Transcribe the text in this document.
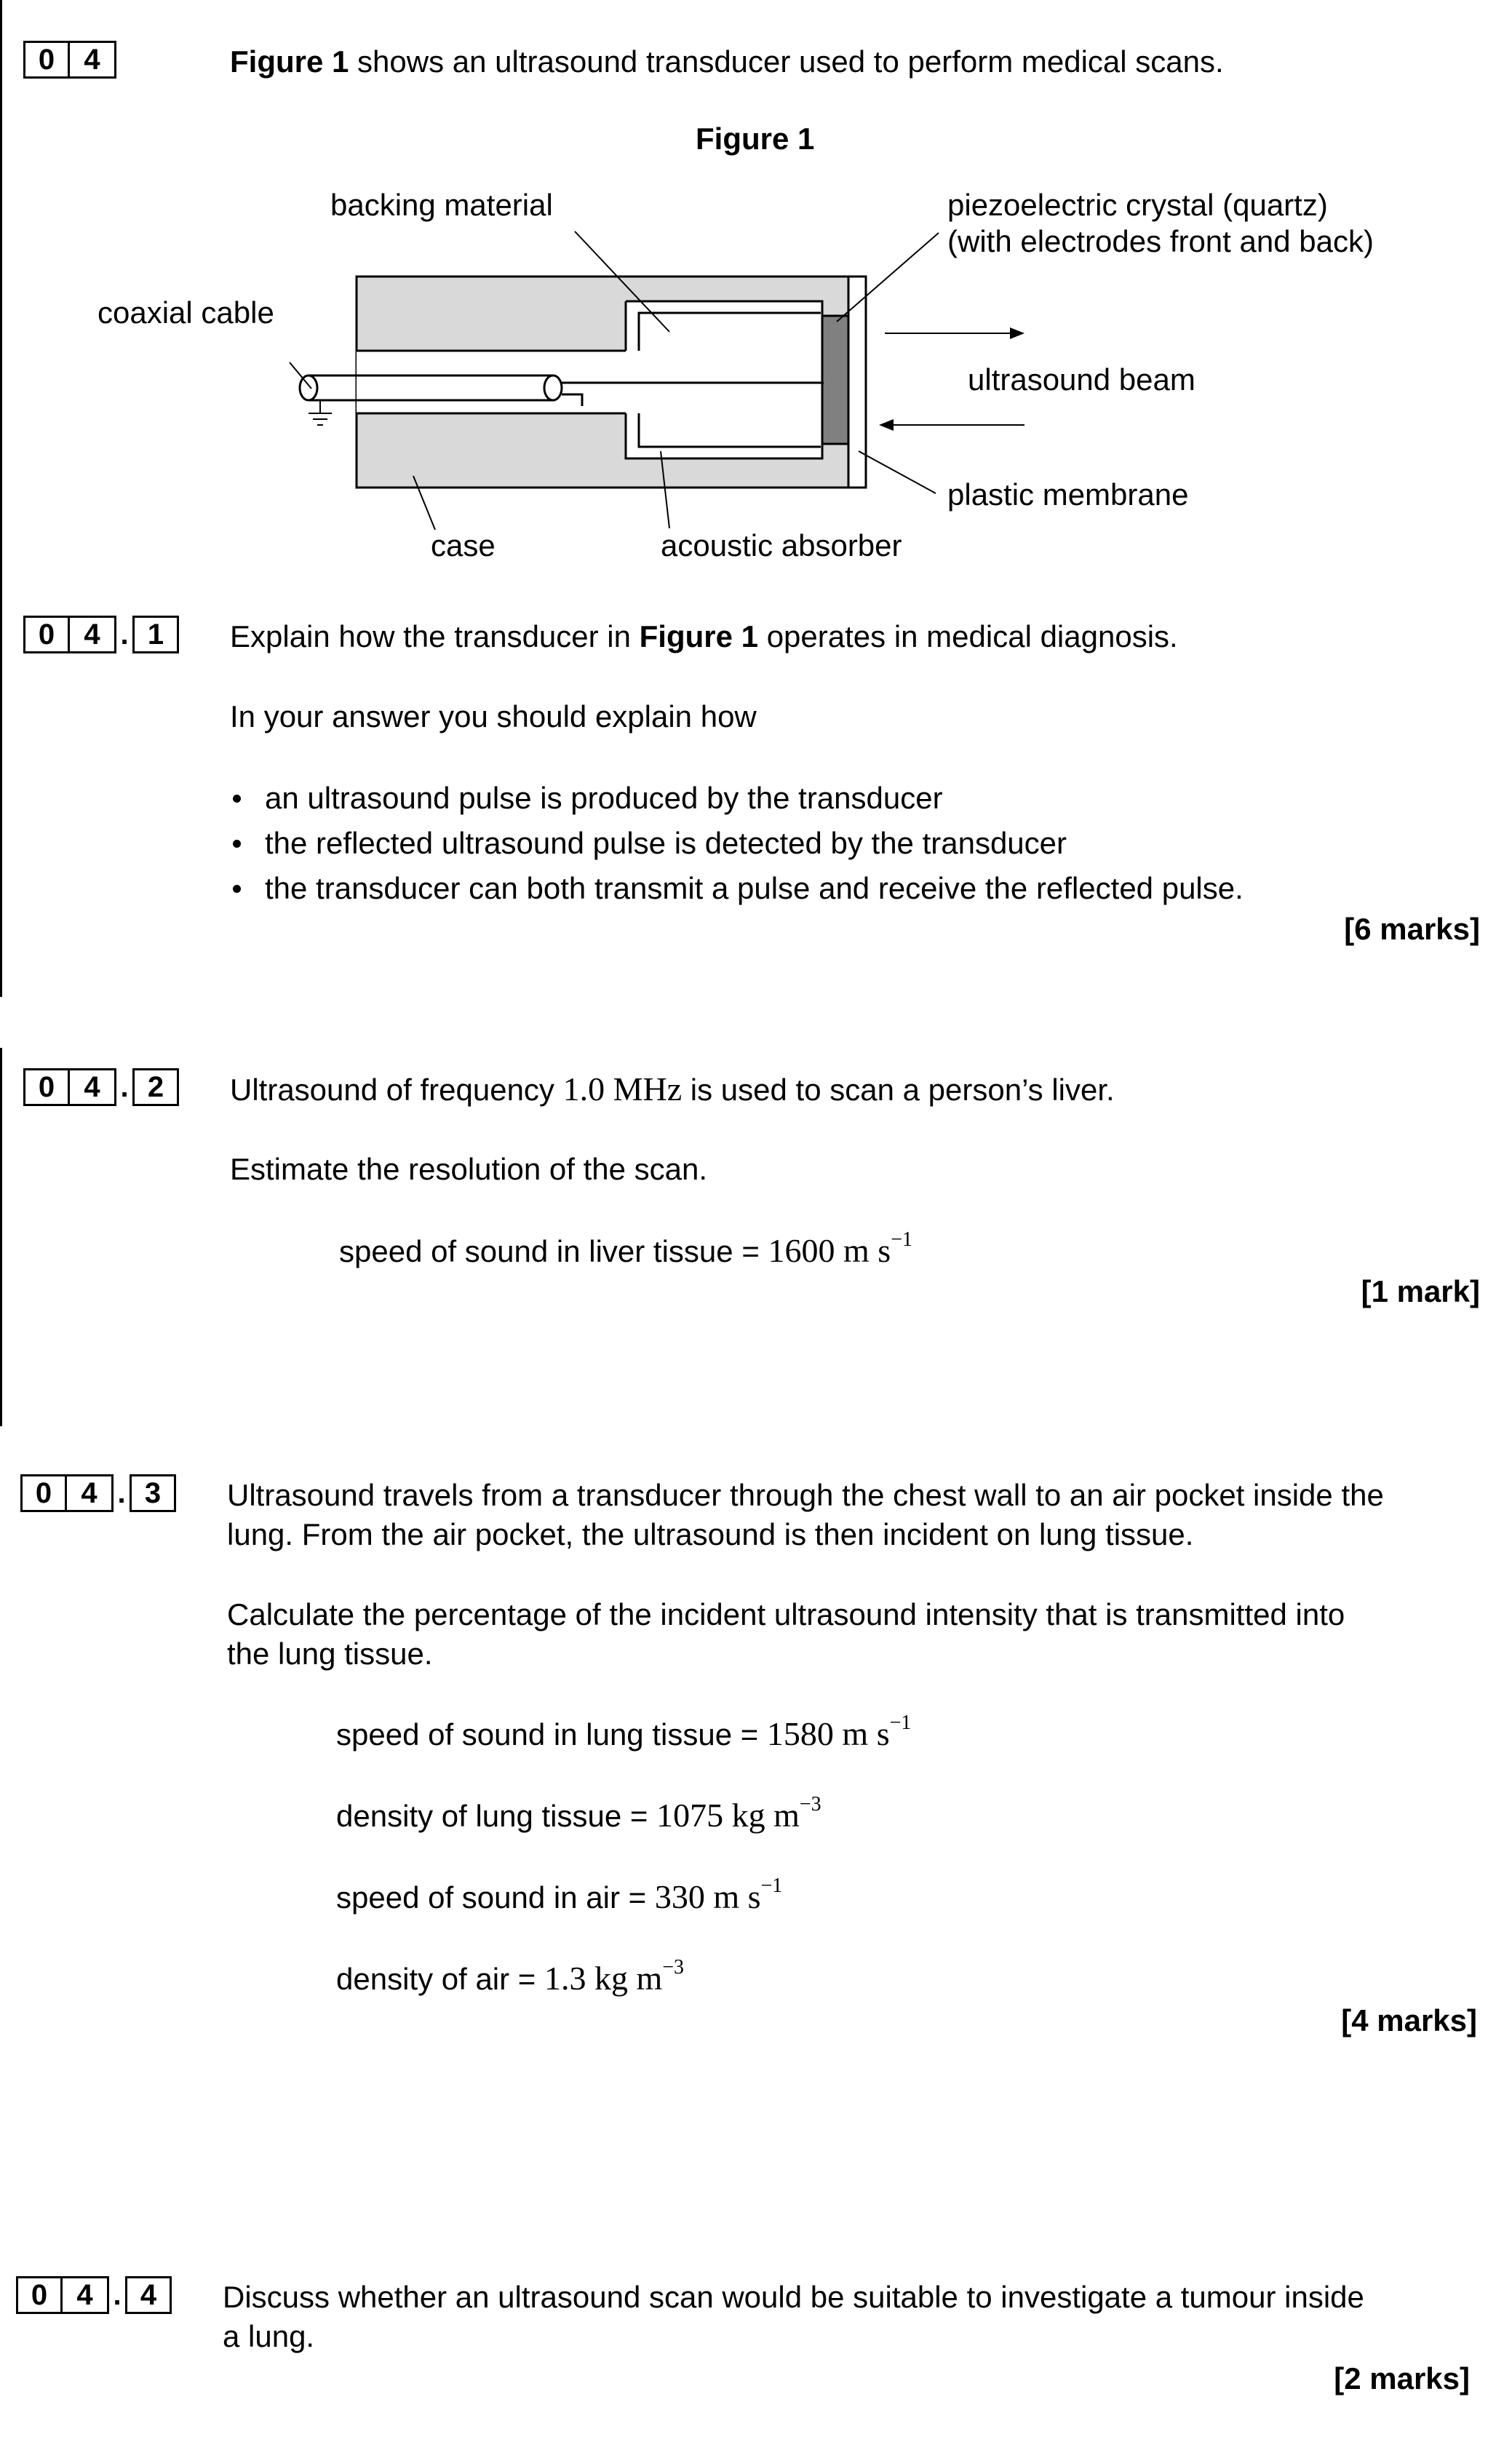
0	4	Figure 1 shows an ultrasound transducer used to perform medical scans.
Figure 1
backing material	piezoelectric crystal (quartz)
(with electrodes front and back)
coaxial cable
ultrasound beam
plastic membrane
case	acoustic absorber
0	4 . 1	Explain how the transducer in Figure 1 operates in medical diagnosis.
In your answer you should explain how
an ultrasound pulse is produced by the transducer
the reflected ultrasound pulse is detected by the transducer
the transducer can both transmit a pulse and receive the reflected pulse.
[6 marks]
0	4 . 2	Ultrasound of frequency 1.0 MHz is used to scan a person’s liver.
Estimate the resolution of the scan.
speed of sound in liver tissue = 1600 m $s^{-1}$
[1 mark]
0	4 . 3	Ultrasound travels from a transducer through the chest wall to an air pocket inside the
lung. From the air pocket, the ultrasound is then incident on lung tissue.
Calculate the percentage of the incident ultrasound intensity that is transmitted into
the lung tissue.
speed of sound in lung tissue = 1580 m $s^{-1}$
density of lung tissue = 1075 kg $m^{-3}$
speed of sound in air = 330 m $s^{-1}$
density of air = 1.3 kg $m^{-3}$
[4 marks]
0	4 . 4	Discuss whether an ultrasound scan would be suitable to investigate a tumour inside
a lung.
[2 marks]
